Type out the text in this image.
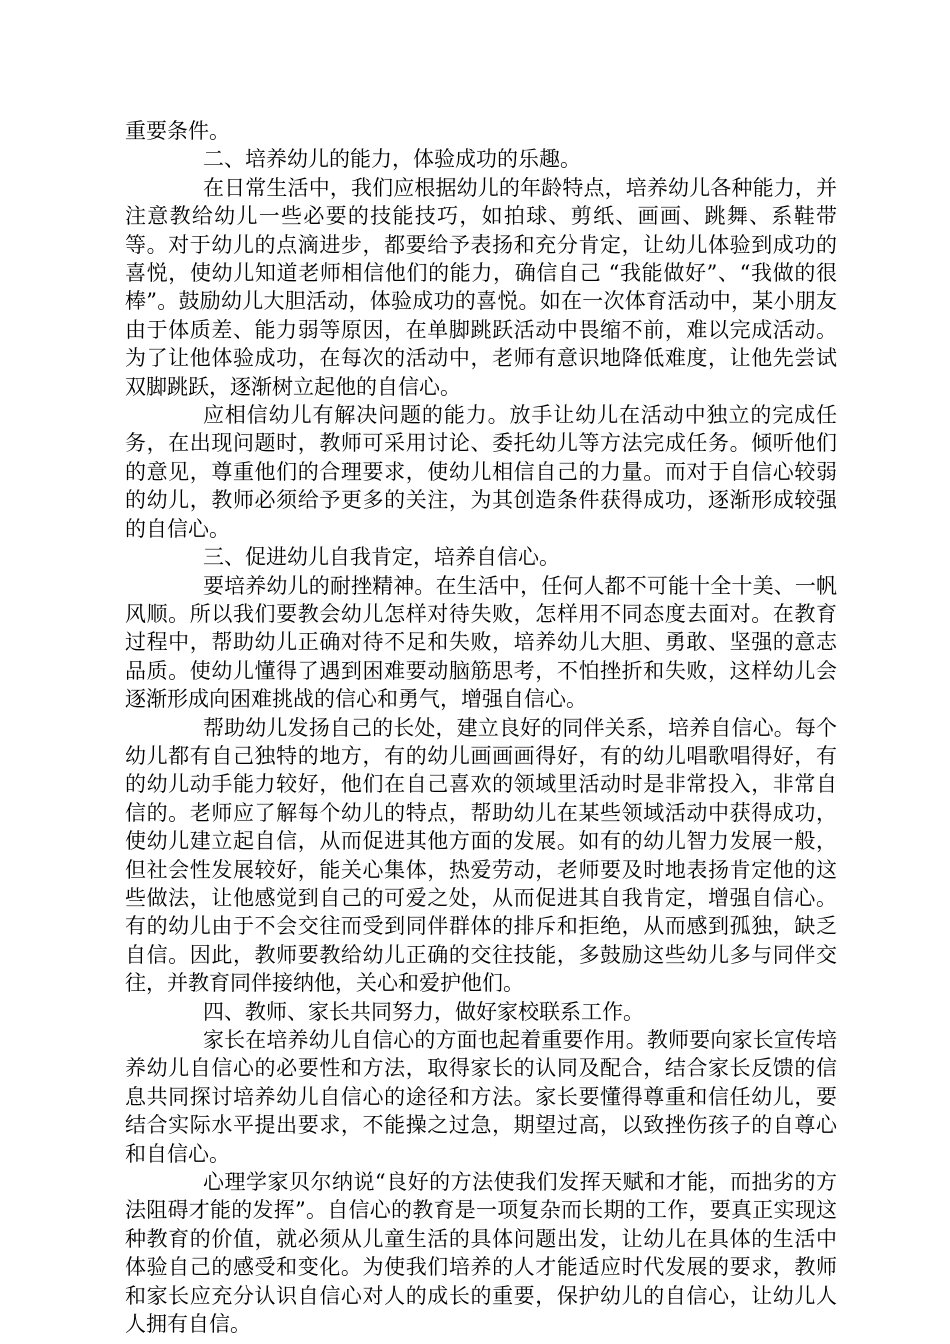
重要条件。

二、培养幼儿的能力，体验成功的乐趣。

在日常生活中，我们应根据幼儿的年龄特点，培养幼儿各种能力，并注意教给幼儿一些必要的技能技巧，如拍球、剪纸、画画、跳舞、系鞋带等。对于幼儿的点滴进步，都要给予表扬和充分肯定，让幼儿体验到成功的喜悦，使幼儿知道老师相信他们的能力，确信自己 “我能做好”、“我做的很棒”。鼓励幼儿大胆活动，体验成功的喜悦。如在一次体育活动中，某小朋友由于体质差、能力弱等原因，在单脚跳跃活动中畏缩不前，难以完成活动。为了让他体验成功，在每次的活动中，老师有意识地降低难度，让他先尝试双脚跳跃，逐渐树立起他的自信心。

应相信幼儿有解决问题的能力。放手让幼儿在活动中独立的完成任务，在出现问题时，教师可采用讨论、委托幼儿等方法完成任务。倾听他们的意见，尊重他们的合理要求，使幼儿相信自己的力量。而对于自信心较弱的幼儿，教师必须给予更多的关注，为其创造条件获得成功，逐渐形成较强的自信心。

三、促进幼儿自我肯定，培养自信心。

要培养幼儿的耐挫精神。在生活中，任何人都不可能十全十美、一帆风顺。所以我们要教会幼儿怎样对待失败，怎样用不同态度去面对。在教育过程中，帮助幼儿正确对待不足和失败，培养幼儿大胆、勇敢、坚强的意志品质。使幼儿懂得了遇到困难要动脑筋思考，不怕挫折和失败，这样幼儿会逐渐形成向困难挑战的信心和勇气，增强自信心。

帮助幼儿发扬自己的长处，建立良好的同伴关系，培养自信心。每个幼儿都有自己独特的地方，有的幼儿画画画得好，有的幼儿唱歌唱得好，有的幼儿动手能力较好，他们在自己喜欢的领域里活动时是非常投入，非常自信的。老师应了解每个幼儿的特点，帮助幼儿在某些领域活动中获得成功，使幼儿建立起自信，从而促进其他方面的发展。如有的幼儿智力发展一般，但社会性发展较好，能关心集体，热爱劳动，老师要及时地表扬肯定他的这些做法，让他感觉到自己的可爱之处，从而促进其自我肯定，增强自信心。有的幼儿由于不会交往而受到同伴群体的排斥和拒绝，从而感到孤独，缺乏自信。因此，教师要教给幼儿正确的交往技能，多鼓励这些幼儿多与同伴交往，并教育同伴接纳他，关心和爱护他们。

四、教师、家长共同努力，做好家校联系工作。

家长在培养幼儿自信心的方面也起着重要作用。教师要向家长宣传培养幼儿自信心的必要性和方法，取得家长的认同及配合，结合家长反馈的信息共同探讨培养幼儿自信心的途径和方法。家长要懂得尊重和信任幼儿，要结合实际水平提出要求，不能操之过急，期望过高，以致挫伤孩子的自尊心和自信心。

心理学家贝尔纳说“良好的方法使我们发挥天赋和才能，而拙劣的方法阻碍才能的发挥”。自信心的教育是一项复杂而长期的工作，要真正实现这种教育的价值，就必须从儿童生活的具体问题出发，让幼儿在具体的生活中体验自己的感受和变化。为使我们培养的人才能适应时代发展的要求，教师和家长应充分认识自信心对人的成长的重要，保护幼儿的自信心，让幼儿人人拥有自信。
